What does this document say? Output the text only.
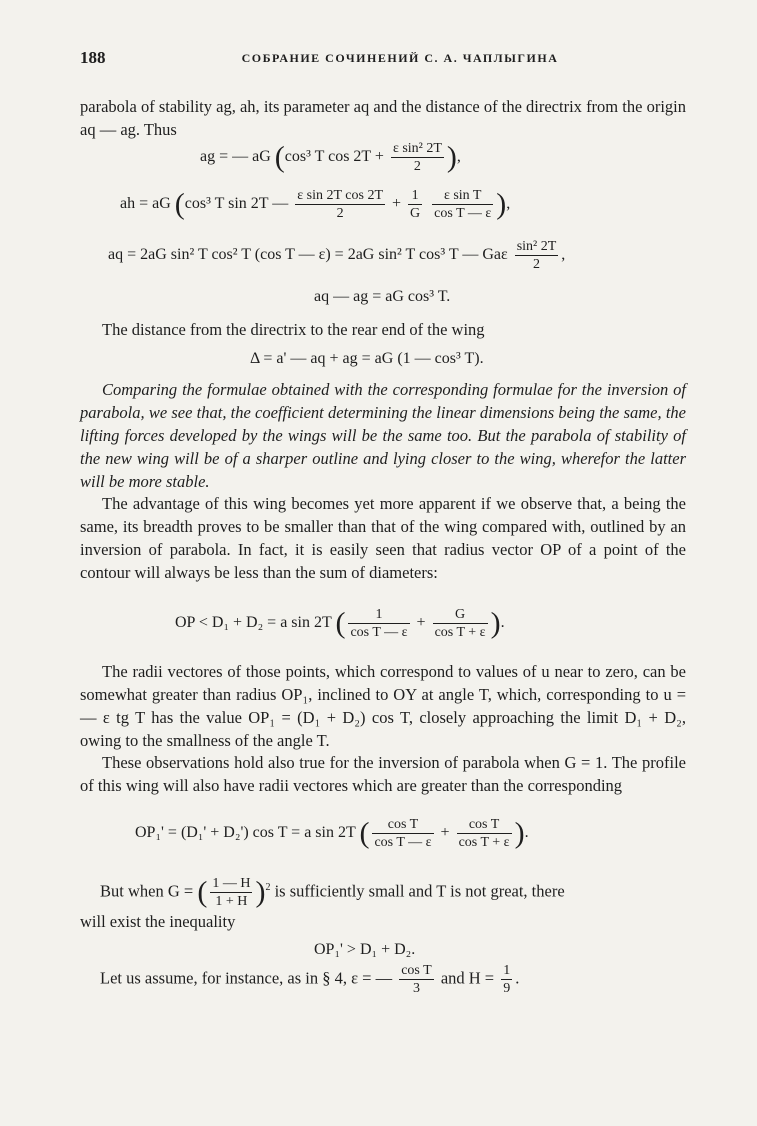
188	СОБРАНИЕ СОЧИНЕНИЙ С. А. ЧАПЛЫГИНА
parabola of stability ag, ah, its parameter aq and the distance of the directrix from the origin aq — ag. Thus
ag = — aG (cos³ T $\cos 2T + \frac{\text{ε sin² 2T}}{2}$ ),
ah = aG (cos³ T sin 2T — $\frac{\text{ε sin 2T cos 2T}}{2} + \frac{1}{G}$
$\frac{\text{ε sin T}}{\text{cos T — ε}}$ ),
aq = 2aG sin² T cos² T (cos T — ε) = 2aG sin² T cos³ T — Gaε $\frac{\text{sin² 2T}}{2}$ ,
aq — ag = aG cos³ T.
The distance from the directrix to the rear end of the wing
Δ = a' — aq + ag = aG (1 — cos³ T).
Comparing the formulae obtained with the corresponding formulae for the inversion of parabola, we see that, the coefficient determining the linear dimensions being the same, the lifting forces developed by the wings will be the same too. But the parabola of stability of the new wing will be of a sharper outline and lying closer to the wing, wherefor the latter will be more stable.
The advantage of this wing becomes yet more apparent if we observe that, a being the same, its breadth proves to be smaller than that of the wing compared with, outlined by an inversion of parabola. In fact, it is easily seen that radius vector OP of a point of the contour will always be less than the sum of diameters:
OP < D₁ + D₂ = a sin 2T ( $\frac{1}{\text{cos T — ε}} + \frac{G}{\text{cos T + ε}}$ ).
The radii vectores of those points, which correspond to values of u near to zero, can be somewhat greater than radius OP₁, inclined to OY at angle T, which, corresponding to u = — ε tg T has the value OP₁ = (D₁ + D₂) cos T, closely approaching the limit D₁ + D₂, owing to the smallness of the angle T.
These observations hold also true for the inversion of parabola when G = 1. The profile of this wing will also have radii vectores which are greater than the corresponding
OP₁' = (D₁' + D₂') cos T = a sin 2T ( $\frac{\text{cos T}}{\text{cos T — ε}} + \frac{\text{cos T}}{\text{cos T + ε}}$ ).
But when G = ( $\frac{1 — H}{1 + H} )^2$ is sufficiently small and T is not great, there
will exist the inequality
OP₁' > D₁ + D₂.
Let us assume, for instance, as in § 4, ε = — $\frac{\text{cos T}}{3}$ and $H = \frac{1}{9}$ .
